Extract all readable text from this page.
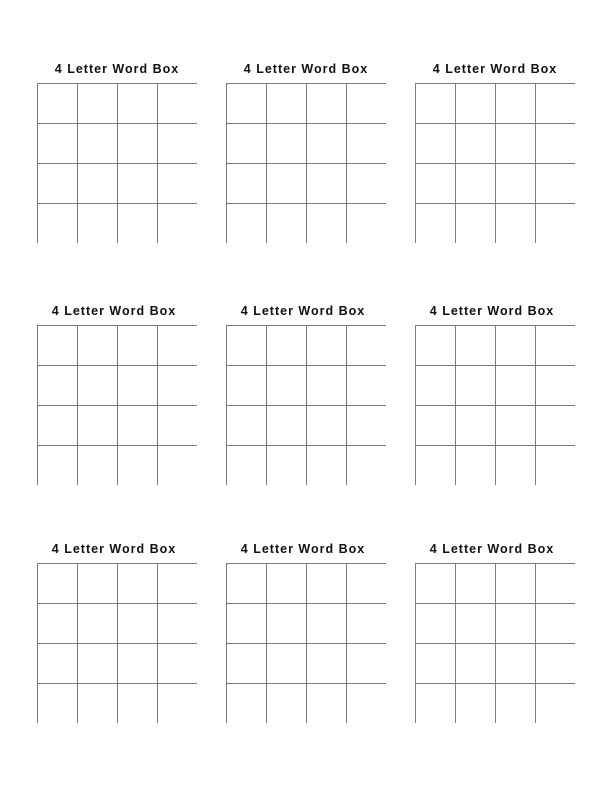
4 Letter Word Box	4 Letter Word Box	4 Letter Word Box
4 Letter Word Box	4 Letter Word Box	4 Letter Word Box
4 Letter Word Box	4 Letter Word Box	4 Letter Word Box
